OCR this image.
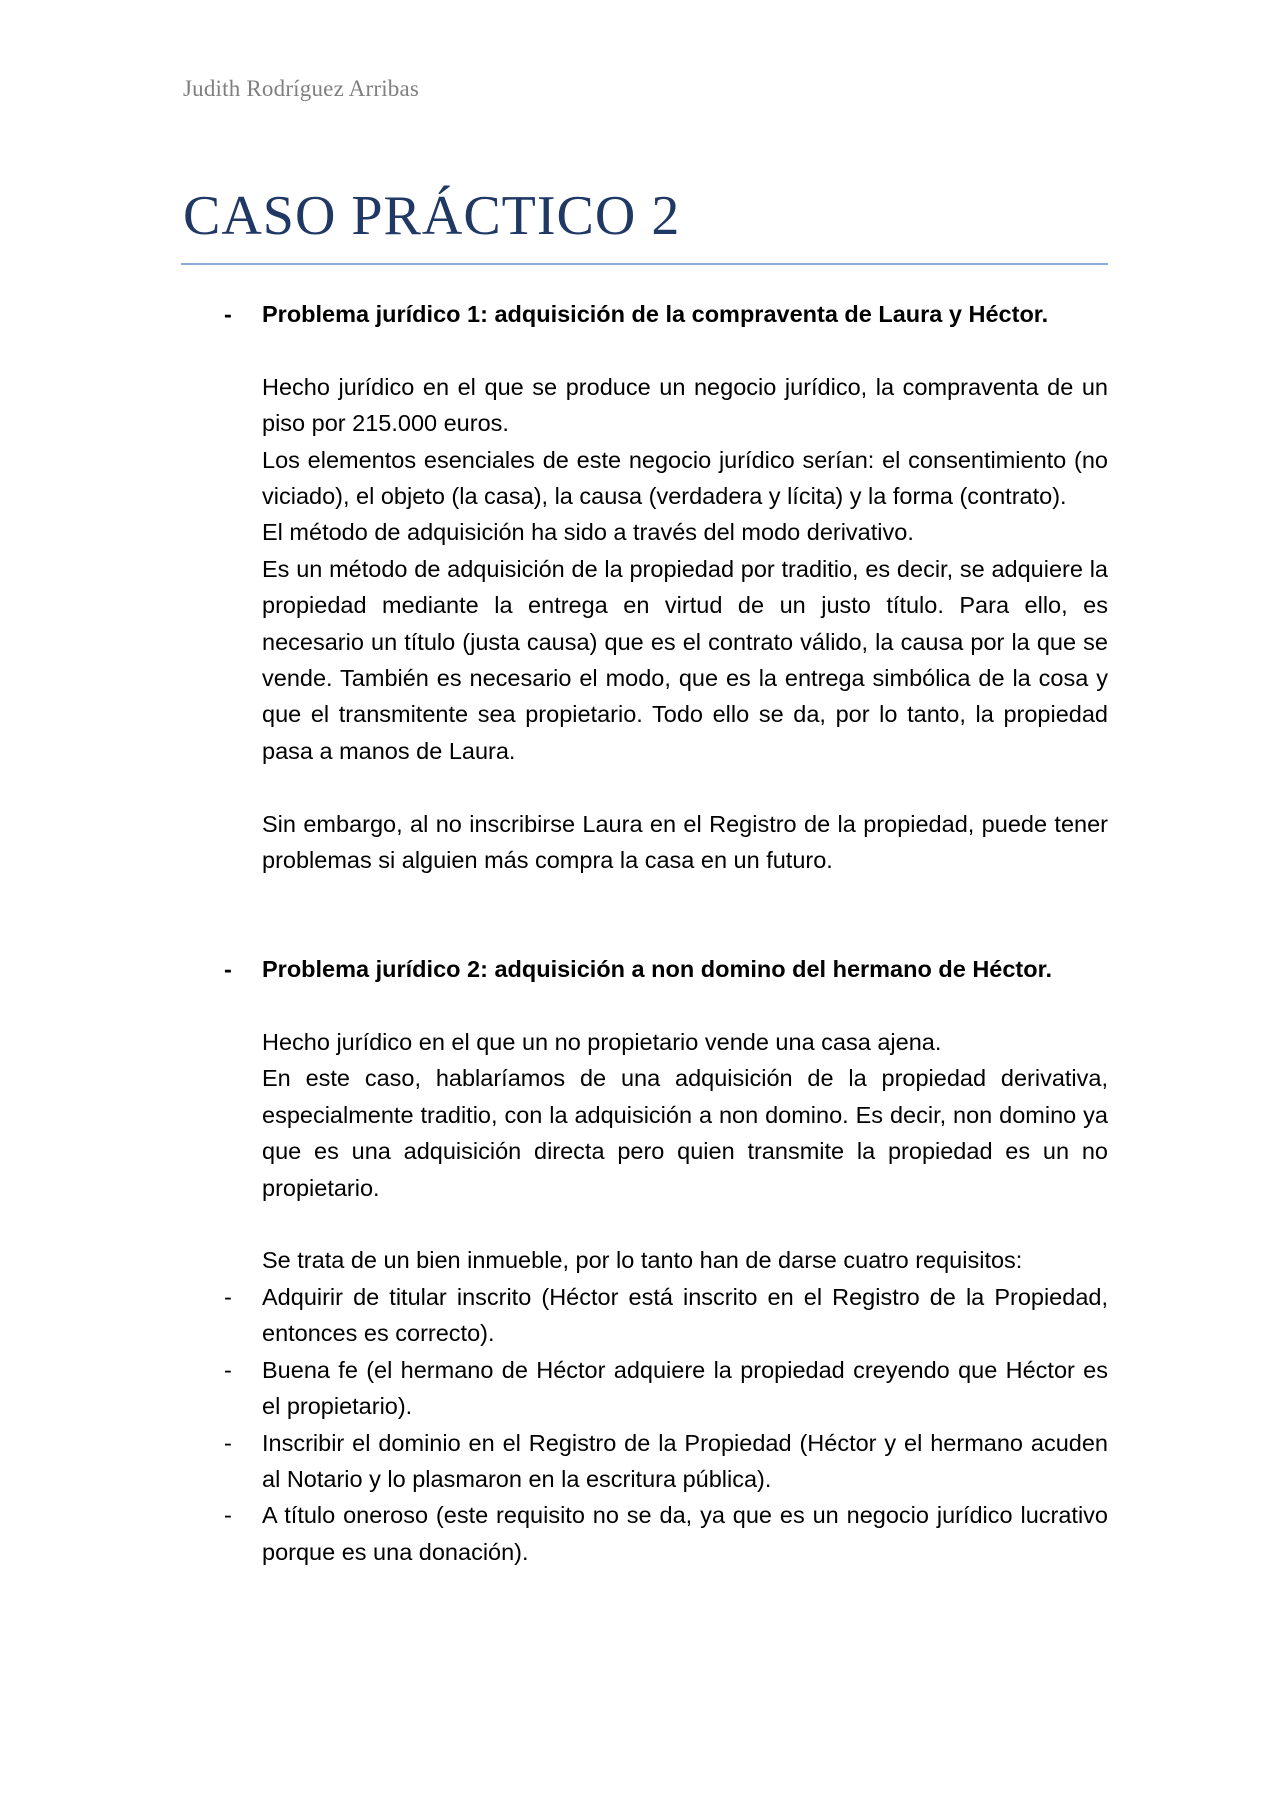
Judith Rodríguez Arribas
CASO PRÁCTICO 2

-	Problema jurídico 1: adquisición de la compraventa de Laura y Héctor.

Hecho jurídico en el que se produce un negocio jurídico, la compraventa de un piso por 215.000 euros.

Los elementos esenciales de este negocio jurídico serían: el consentimiento (no viciado), el objeto (la casa), la causa (verdadera y lícita) y la forma (contrato).

El método de adquisición ha sido a través del modo derivativo.

Es un método de adquisición de la propiedad por traditio, es decir, se adquiere la propiedad mediante la entrega en virtud de un justo título. Para ello, es necesario un título (justa causa) que es el contrato válido, la causa por la que se vende. También es necesario el modo, que es la entrega simbólica de la cosa y que el transmitente sea propietario. Todo ello se da, por lo tanto, la propiedad pasa a manos de Laura.

Sin embargo, al no inscribirse Laura en el Registro de la propiedad, puede tener problemas si alguien más compra la casa en un futuro.

-	Problema jurídico 2: adquisición a non domino del hermano de Héctor.

Hecho jurídico en el que un no propietario vende una casa ajena.

En este caso, hablaríamos de una adquisición de la propiedad derivativa, especialmente traditio, con la adquisición a non domino. Es decir, non domino ya que es una adquisición directa pero quien transmite la propiedad es un no propietario.

Se trata de un bien inmueble, por lo tanto han de darse cuatro requisitos:

-	Adquirir de titular inscrito (Héctor está inscrito en el Registro de la Propiedad, entonces es correcto).

-	Buena fe (el hermano de Héctor adquiere la propiedad creyendo que Héctor es el propietario).

-	Inscribir el dominio en el Registro de la Propiedad (Héctor y el hermano acuden al Notario y lo plasmaron en la escritura pública).

-	A título oneroso (este requisito no se da, ya que es un negocio jurídico lucrativo porque es una donación).
